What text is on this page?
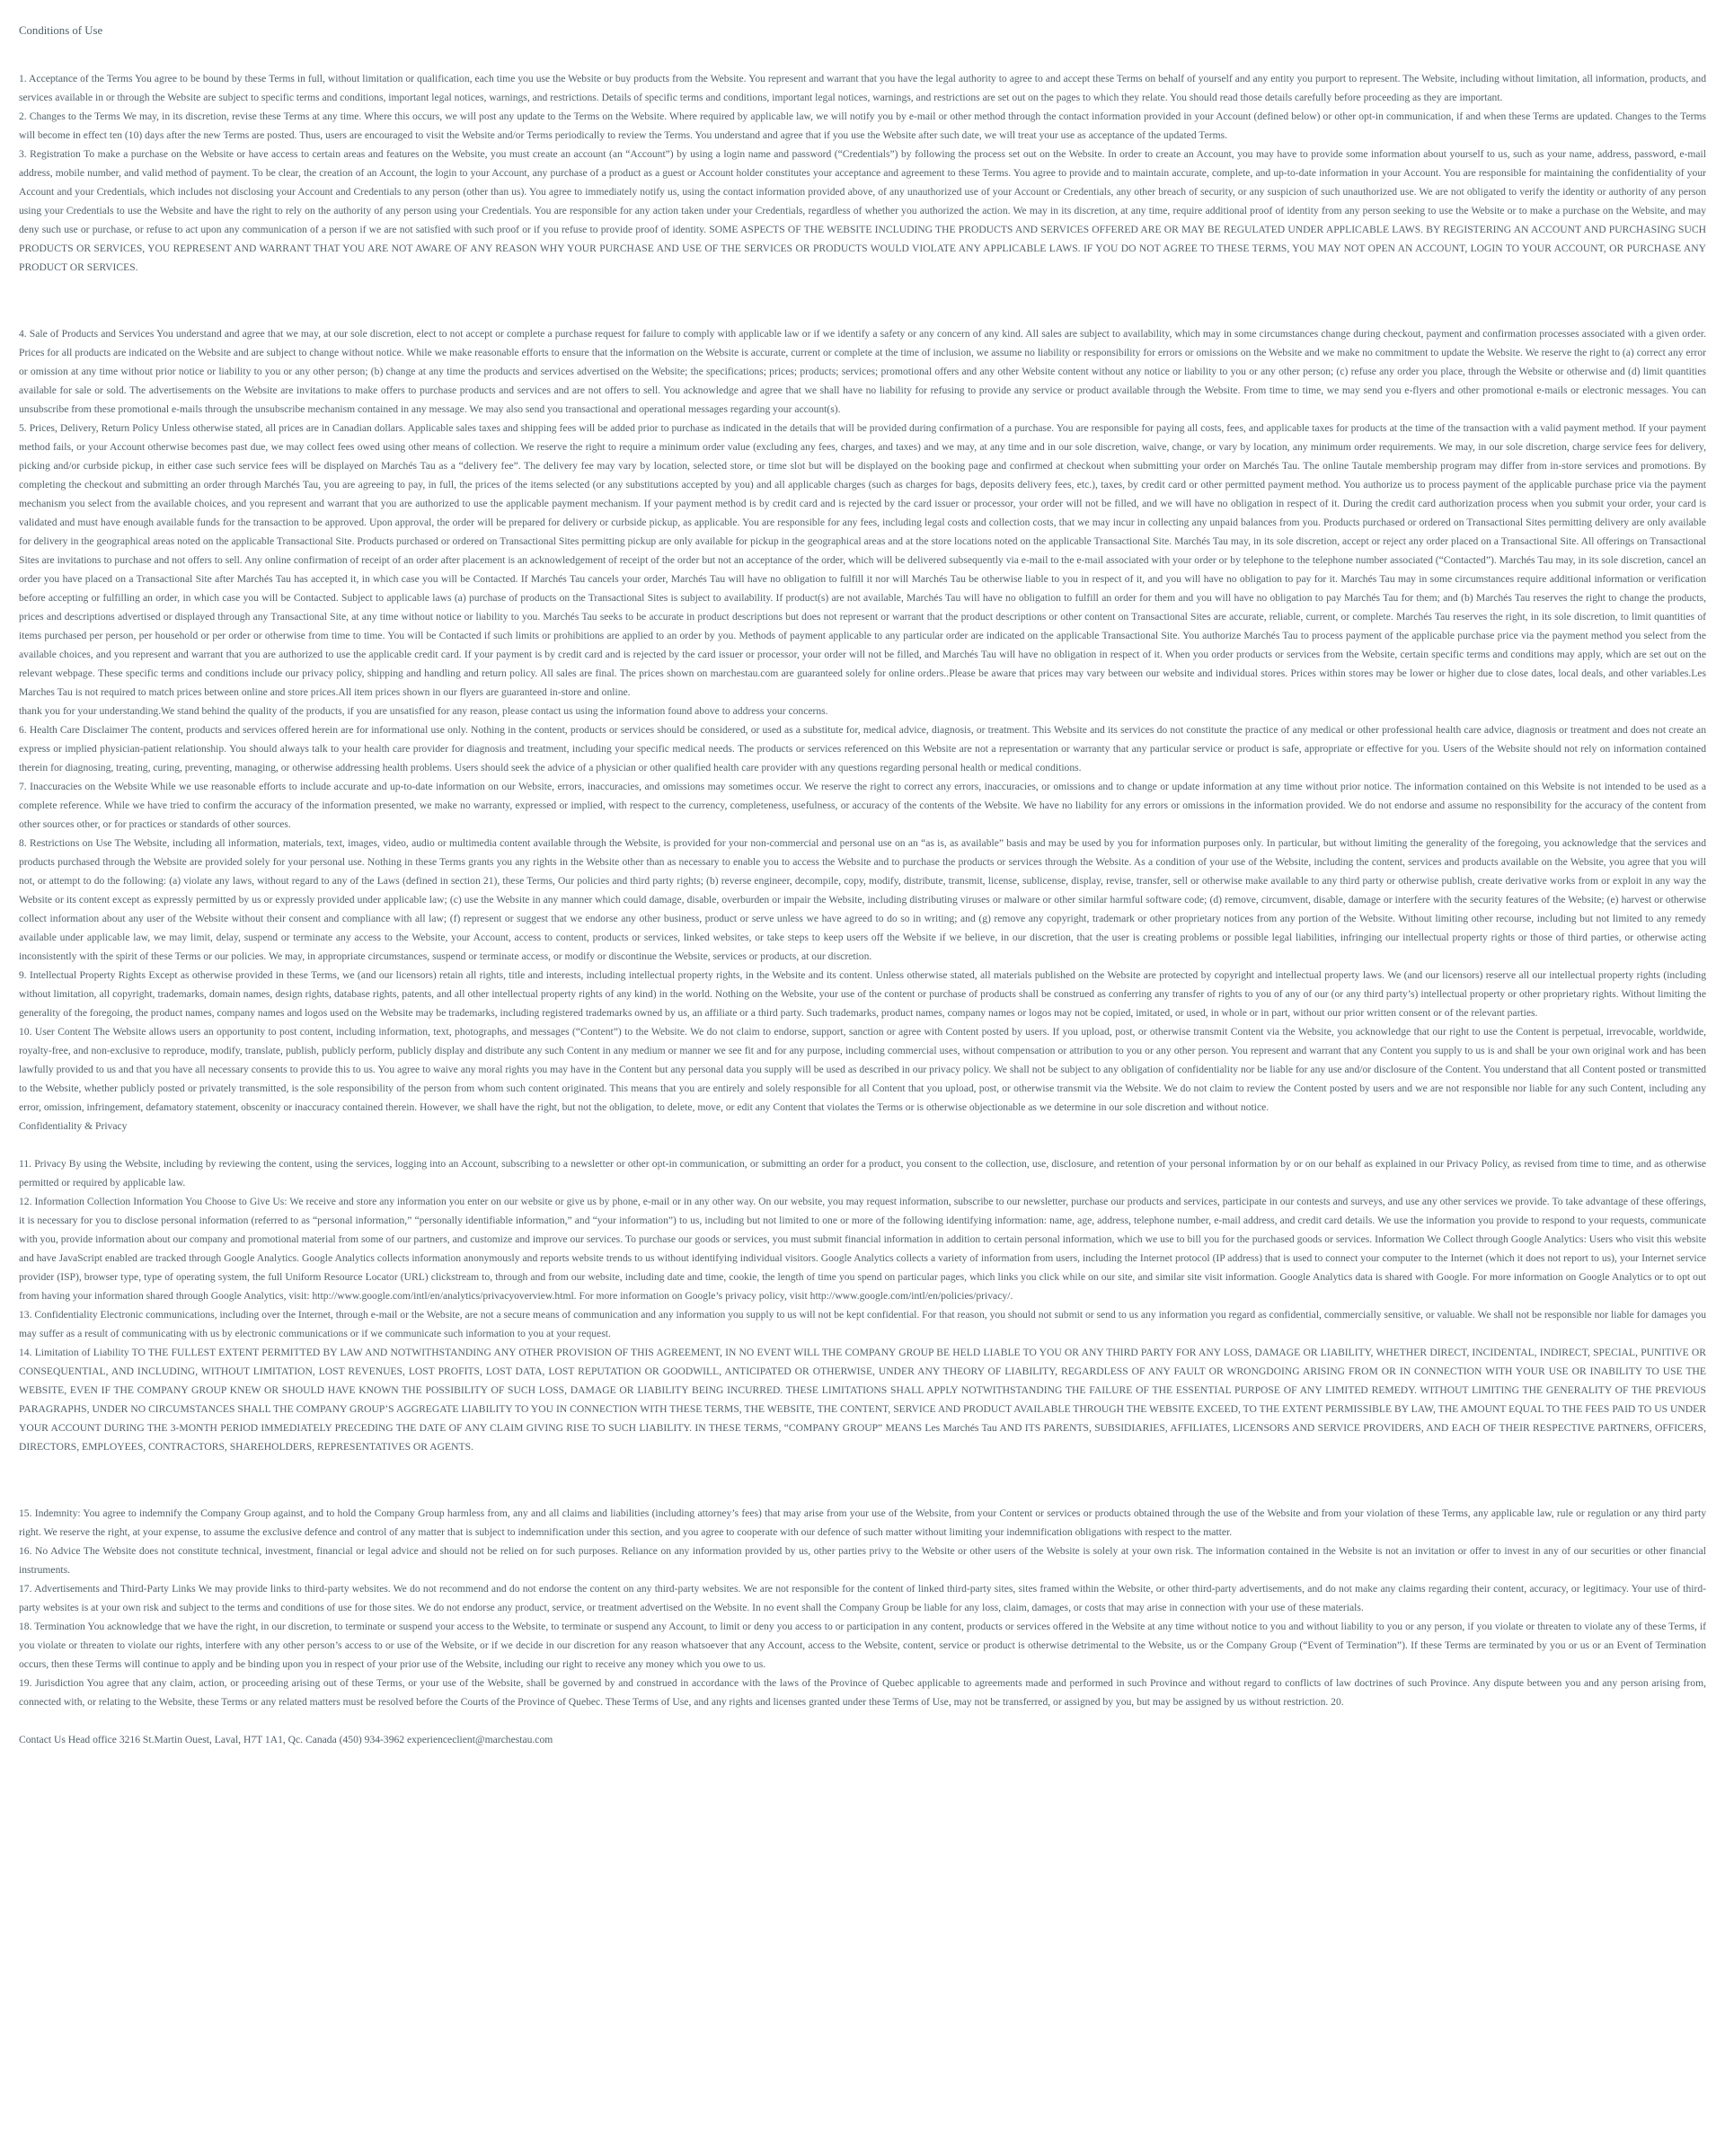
Conditions of Use

1. Acceptance of the Terms You agree to be bound by these Terms in full, without limitation or qualification, each time you use the Website or buy products from the Website. You represent and warrant that you have the legal authority to agree to and accept these Terms on behalf of yourself and any entity you purport to represent. The Website, including without limitation, all information, products, and services available in or through the Website are subject to specific terms and conditions, important legal notices, warnings, and restrictions. Details of specific terms and conditions, important legal notices, warnings, and restrictions are set out on the pages to which they relate. You should read those details carefully before proceeding as they are important.

2. Changes to the Terms We may, in its discretion, revise these Terms at any time. Where this occurs, we will post any update to the Terms on the Website. Where required by applicable law, we will notify you by e-mail or other method through the contact information provided in your Account (defined below) or other opt-in communication, if and when these Terms are updated. Changes to the Terms will become in effect ten (10) days after the new Terms are posted. Thus, users are encouraged to visit the Website and/or Terms periodically to review the Terms. You understand and agree that if you use the Website after such date, we will treat your use as acceptance of the updated Terms.

3. Registration To make a purchase on the Website or have access to certain areas and features on the Website, you must create an account (an “Account”) by using a login name and password (“Credentials”) by following the process set out on the Website. In order to create an Account, you may have to provide some information about yourself to us, such as your name, address, password, e-mail address, mobile number, and valid method of payment. To be clear, the creation of an Account, the login to your Account, any purchase of a product as a guest or Account holder constitutes your acceptance and agreement to these Terms. You agree to provide and to maintain accurate, complete, and up-to-date information in your Account. You are responsible for maintaining the confidentiality of your Account and your Credentials, which includes not disclosing your Account and Credentials to any person (other than us). You agree to immediately notify us, using the contact information provided above, of any unauthorized use of your Account or Credentials, any other breach of security, or any suspicion of such unauthorized use. We are not obligated to verify the identity or authority of any person using your Credentials to use the Website and have the right to rely on the authority of any person using your Credentials. You are responsible for any action taken under your Credentials, regardless of whether you authorized the action. We may in its discretion, at any time, require additional proof of identity from any person seeking to use the Website or to make a purchase on the Website, and may deny such use or purchase, or refuse to act upon any communication of a person if we are not satisfied with such proof or if you refuse to provide proof of identity. SOME ASPECTS OF THE WEBSITE INCLUDING THE PRODUCTS AND SERVICES OFFERED ARE OR MAY BE REGULATED UNDER APPLICABLE LAWS. BY REGISTERING AN ACCOUNT AND PURCHASING SUCH PRODUCTS OR SERVICES, YOU REPRESENT AND WARRANT THAT YOU ARE NOT AWARE OF ANY REASON WHY YOUR PURCHASE AND USE OF THE SERVICES OR PRODUCTS WOULD VIOLATE ANY APPLICABLE LAWS. IF YOU DO NOT AGREE TO THESE TERMS, YOU MAY NOT OPEN AN ACCOUNT, LOGIN TO YOUR ACCOUNT, OR PURCHASE ANY PRODUCT OR SERVICES.

4. Sale of Products and Services You understand and agree that we may, at our sole discretion, elect to not accept or complete a purchase request for failure to comply with applicable law or if we identify a safety or any concern of any kind. All sales are subject to availability, which may in some circumstances change during checkout, payment and confirmation processes associated with a given order. Prices for all products are indicated on the Website and are subject to change without notice. While we make reasonable efforts to ensure that the information on the Website is accurate, current or complete at the time of inclusion, we assume no liability or responsibility for errors or omissions on the Website and we make no commitment to update the Website. We reserve the right to (a) correct any error or omission at any time without prior notice or liability to you or any other person; (b) change at any time the products and services advertised on the Website; the specifications; prices; products; services; promotional offers and any other Website content without any notice or liability to you or any other person; (c) refuse any order you place, through the Website or otherwise and (d) limit quantities available for sale or sold. The advertisements on the Website are invitations to make offers to purchase products and services and are not offers to sell. You acknowledge and agree that we shall have no liability for refusing to provide any service or product available through the Website. From time to time, we may send you e-flyers and other promotional e-mails or electronic messages. You can unsubscribe from these promotional e-mails through the unsubscribe mechanism contained in any message. We may also send you transactional and operational messages regarding your account(s).

5. Prices, Delivery, Return Policy Unless otherwise stated, all prices are in Canadian dollars. Applicable sales taxes and shipping fees will be added prior to purchase as indicated in the details that will be provided during confirmation of a purchase. You are responsible for paying all costs, fees, and applicable taxes for products at the time of the transaction with a valid payment method. If your payment method fails, or your Account otherwise becomes past due, we may collect fees owed using other means of collection. We reserve the right to require a minimum order value (excluding any fees, charges, and taxes) and we may, at any time and in our sole discretion, waive, change, or vary by location, any minimum order requirements. We may, in our sole discretion, charge service fees for delivery, picking and/or curbside pickup, in either case such service fees will be displayed on Marchés Tau as a “delivery fee”. The delivery fee may vary by location, selected store, or time slot but will be displayed on the booking page and confirmed at checkout when submitting your order on Marchés Tau. The online Tautale membership program may differ from in-store services and promotions. By completing the checkout and submitting an order through Marchés Tau, you are agreeing to pay, in full, the prices of the items selected (or any substitutions accepted by you) and all applicable charges (such as charges for bags, deposits delivery fees, etc.), taxes, by credit card or other permitted payment method. You authorize us to process payment of the applicable purchase price via the payment mechanism you select from the available choices, and you represent and warrant that you are authorized to use the applicable payment mechanism. If your payment method is by credit card and is rejected by the card issuer or processor, your order will not be filled, and we will have no obligation in respect of it. During the credit card authorization process when you submit your order, your card is validated and must have enough available funds for the transaction to be approved. Upon approval, the order will be prepared for delivery or curbside pickup, as applicable. You are responsible for any fees, including legal costs and collection costs, that we may incur in collecting any unpaid balances from you. Products purchased or ordered on Transactional Sites permitting delivery are only available for delivery in the geographical areas noted on the applicable Transactional Site. Products purchased or ordered on Transactional Sites permitting pickup are only available for pickup in the geographical areas and at the store locations noted on the applicable Transactional Site. Marchés Tau may, in its sole discretion, accept or reject any order placed on a Transactional Site. All offerings on Transactional Sites are invitations to purchase and not offers to sell. Any online confirmation of receipt of an order after placement is an acknowledgement of receipt of the order but not an acceptance of the order, which will be delivered subsequently via e-mail to the e-mail associated with your order or by telephone to the telephone number associated (“Contacted”). Marchés Tau may, in its sole discretion, cancel an order you have placed on a Transactional Site after Marchés Tau has accepted it, in which case you will be Contacted. If Marchés Tau cancels your order, Marchés Tau will have no obligation to fulfill it nor will Marchés Tau be otherwise liable to you in respect of it, and you will have no obligation to pay for it. Marchés Tau may in some circumstances require additional information or verification before accepting or fulfilling an order, in which case you will be Contacted. Subject to applicable laws (a) purchase of products on the Transactional Sites is subject to availability. If product(s) are not available, Marchés Tau will have no obligation to fulfill an order for them and you will have no obligation to pay Marchés Tau for them; and (b) Marchés Tau reserves the right to change the products, prices and descriptions advertised or displayed through any Transactional Site, at any time without notice or liability to you. Marchés Tau seeks to be accurate in product descriptions but does not represent or warrant that the product descriptions or other content on Transactional Sites are accurate, reliable, current, or complete. Marchés Tau reserves the right, in its sole discretion, to limit quantities of items purchased per person, per household or per order or otherwise from time to time. You will be Contacted if such limits or prohibitions are applied to an order by you. Methods of payment applicable to any particular order are indicated on the applicable Transactional Site. You authorize Marchés Tau to process payment of the applicable purchase price via the payment method you select from the available choices, and you represent and warrant that you are authorized to use the applicable credit card. If your payment is by credit card and is rejected by the card issuer or processor, your order will not be filled, and Marchés Tau will have no obligation in respect of it. When you order products or services from the Website, certain specific terms and conditions may apply, which are set out on the relevant webpage. These specific terms and conditions include our privacy policy, shipping and handling and return policy. All sales are final. The prices shown on marchestau.com are guaranteed solely for online orders..Please be aware that prices may vary between our website and individual stores. Prices within stores may be lower or higher due to close dates, local deals, and other variables.Les Marches Tau is not required to match prices between online and store prices.All item prices shown in our flyers are guaranteed in-store and online.

thank you for your understanding.We stand behind the quality of the products, if you are unsatisfied for any reason, please contact us using the information found above to address your concerns.

6. Health Care Disclaimer The content, products and services offered herein are for informational use only. Nothing in the content, products or services should be considered, or used as a substitute for, medical advice, diagnosis, or treatment. This Website and its services do not constitute the practice of any medical or other professional health care advice, diagnosis or treatment and does not create an express or implied physician-patient relationship. You should always talk to your health care provider for diagnosis and treatment, including your specific medical needs. The products or services referenced on this Website are not a representation or warranty that any particular service or product is safe, appropriate or effective for you. Users of the Website should not rely on information contained therein for diagnosing, treating, curing, preventing, managing, or otherwise addressing health problems. Users should seek the advice of a physician or other qualified health care provider with any questions regarding personal health or medical conditions.

7. Inaccuracies on the Website While we use reasonable efforts to include accurate and up-to-date information on our Website, errors, inaccuracies, and omissions may sometimes occur. We reserve the right to correct any errors, inaccuracies, or omissions and to change or update information at any time without prior notice. The information contained on this Website is not intended to be used as a complete reference. While we have tried to confirm the accuracy of the information presented, we make no warranty, expressed or implied, with respect to the currency, completeness, usefulness, or accuracy of the contents of the Website. We have no liability for any errors or omissions in the information provided. We do not endorse and assume no responsibility for the accuracy of the content from other sources other, or for practices or standards of other sources.

8. Restrictions on Use The Website, including all information, materials, text, images, video, audio or multimedia content available through the Website, is provided for your non-commercial and personal use on an “as is, as available” basis and may be used by you for information purposes only. In particular, but without limiting the generality of the foregoing, you acknowledge that the services and products purchased through the Website are provided solely for your personal use. Nothing in these Terms grants you any rights in the Website other than as necessary to enable you to access the Website and to purchase the products or services through the Website. As a condition of your use of the Website, including the content, services and products available on the Website, you agree that you will not, or attempt to do the following: (a) violate any laws, without regard to any of the Laws (defined in section 21), these Terms, Our policies and third party rights; (b) reverse engineer, decompile, copy, modify, distribute, transmit, license, sublicense, display, revise, transfer, sell or otherwise make available to any third party or otherwise publish, create derivative works from or exploit in any way the Website or its content except as expressly permitted by us or expressly provided under applicable law; (c) use the Website in any manner which could damage, disable, overburden or impair the Website, including distributing viruses or malware or other similar harmful software code; (d) remove, circumvent, disable, damage or interfere with the security features of the Website; (e) harvest or otherwise collect information about any user of the Website without their consent and compliance with all law; (f) represent or suggest that we endorse any other business, product or serve unless we have agreed to do so in writing; and (g) remove any copyright, trademark or other proprietary notices from any portion of the Website. Without limiting other recourse, including but not limited to any remedy available under applicable law, we may limit, delay, suspend or terminate any access to the Website, your Account, access to content, products or services, linked websites, or take steps to keep users off the Website if we believe, in our discretion, that the user is creating problems or possible legal liabilities, infringing our intellectual property rights or those of third parties, or otherwise acting inconsistently with the spirit of these Terms or our policies. We may, in appropriate circumstances, suspend or terminate access, or modify or discontinue the Website, services or products, at our discretion.

9. Intellectual Property Rights Except as otherwise provided in these Terms, we (and our licensors) retain all rights, title and interests, including intellectual property rights, in the Website and its content. Unless otherwise stated, all materials published on the Website are protected by copyright and intellectual property laws. We (and our licensors) reserve all our intellectual property rights (including without limitation, all copyright, trademarks, domain names, design rights, database rights, patents, and all other intellectual property rights of any kind) in the world. Nothing on the Website, your use of the content or purchase of products shall be construed as conferring any transfer of rights to you of any of our (or any third party’s) intellectual property or other proprietary rights. Without limiting the generality of the foregoing, the product names, company names and logos used on the Website may be trademarks, including registered trademarks owned by us, an affiliate or a third party. Such trademarks, product names, company names or logos may not be copied, imitated, or used, in whole or in part, without our prior written consent or of the relevant parties.

10. User Content The Website allows users an opportunity to post content, including information, text, photographs, and messages (“Content”) to the Website. We do not claim to endorse, support, sanction or agree with Content posted by users. If you upload, post, or otherwise transmit Content via the Website, you acknowledge that our right to use the Content is perpetual, irrevocable, worldwide, royalty-free, and non-exclusive to reproduce, modify, translate, publish, publicly perform, publicly display and distribute any such Content in any medium or manner we see fit and for any purpose, including commercial uses, without compensation or attribution to you or any other person. You represent and warrant that any Content you supply to us is and shall be your own original work and has been lawfully provided to us and that you have all necessary consents to provide this to us. You agree to waive any moral rights you may have in the Content but any personal data you supply will be used as described in our privacy policy. We shall not be subject to any obligation of confidentiality nor be liable for any use and/or disclosure of the Content. You understand that all Content posted or transmitted to the Website, whether publicly posted or privately transmitted, is the sole responsibility of the person from whom such content originated. This means that you are entirely and solely responsible for all Content that you upload, post, or otherwise transmit via the Website. We do not claim to review the Content posted by users and we are not responsible nor liable for any such Content, including any error, omission, infringement, defamatory statement, obscenity or inaccuracy contained therein. However, we shall have the right, but not the obligation, to delete, move, or edit any Content that violates the Terms or is otherwise objectionable as we determine in our sole discretion and without notice.

Confidentiality & Privacy

11. Privacy By using the Website, including by reviewing the content, using the services, logging into an Account, subscribing to a newsletter or other opt-in communication, or submitting an order for a product, you consent to the collection, use, disclosure, and retention of your personal information by or on our behalf as explained in our Privacy Policy, as revised from time to time, and as otherwise permitted or required by applicable law.

12. Information Collection Information You Choose to Give Us: We receive and store any information you enter on our website or give us by phone, e-mail or in any other way. On our website, you may request information, subscribe to our newsletter, purchase our products and services, participate in our contests and surveys, and use any other services we provide. To take advantage of these offerings, it is necessary for you to disclose personal information (referred to as “personal information,” “personally identifiable information,” and “your information”) to us, including but not limited to one or more of the following identifying information: name, age, address, telephone number, e-mail address, and credit card details. We use the information you provide to respond to your requests, communicate with you, provide information about our company and promotional material from some of our partners, and customize and improve our services. To purchase our goods or services, you must submit financial information in addition to certain personal information, which we use to bill you for the purchased goods or services. Information We Collect through Google Analytics: Users who visit this website and have JavaScript enabled are tracked through Google Analytics. Google Analytics collects information anonymously and reports website trends to us without identifying individual visitors. Google Analytics collects a variety of information from users, including the Internet protocol (IP address) that is used to connect your computer to the Internet (which it does not report to us), your Internet service provider (ISP), browser type, type of operating system, the full Uniform Resource Locator (URL) clickstream to, through and from our website, including date and time, cookie, the length of time you spend on particular pages, which links you click while on our site, and similar site visit information. Google Analytics data is shared with Google. For more information on Google Analytics or to opt out from having your information shared through Google Analytics, visit: http://www.google.com/intl/en/analytics/privacyoverview.html. For more information on Google’s privacy policy, visit http://www.google.com/intl/en/policies/privacy/.

13. Confidentiality Electronic communications, including over the Internet, through e-mail or the Website, are not a secure means of communication and any information you supply to us will not be kept confidential. For that reason, you should not submit or send to us any information you regard as confidential, commercially sensitive, or valuable. We shall not be responsible nor liable for damages you may suffer as a result of communicating with us by electronic communications or if we communicate such information to you at your request.

14. Limitation of Liability TO THE FULLEST EXTENT PERMITTED BY LAW AND NOTWITHSTANDING ANY OTHER PROVISION OF THIS AGREEMENT, IN NO EVENT WILL THE COMPANY GROUP BE HELD LIABLE TO YOU OR ANY THIRD PARTY FOR ANY LOSS, DAMAGE OR LIABILITY, WHETHER DIRECT, INCIDENTAL, INDIRECT, SPECIAL, PUNITIVE OR CONSEQUENTIAL, AND INCLUDING, WITHOUT LIMITATION, LOST REVENUES, LOST PROFITS, LOST DATA, LOST REPUTATION OR GOODWILL, ANTICIPATED OR OTHERWISE, UNDER ANY THEORY OF LIABILITY, REGARDLESS OF ANY FAULT OR WRONGDOING ARISING FROM OR IN CONNECTION WITH YOUR USE OR INABILITY TO USE THE WEBSITE, EVEN IF THE COMPANY GROUP KNEW OR SHOULD HAVE KNOWN THE POSSIBILITY OF SUCH LOSS, DAMAGE OR LIABILITY BEING INCURRED. THESE LIMITATIONS SHALL APPLY NOTWITHSTANDING THE FAILURE OF THE ESSENTIAL PURPOSE OF ANY LIMITED REMEDY. WITHOUT LIMITING THE GENERALITY OF THE PREVIOUS PARAGRAPHS, UNDER NO CIRCUMSTANCES SHALL THE COMPANY GROUP’S AGGREGATE LIABILITY TO YOU IN CONNECTION WITH THESE TERMS, THE WEBSITE, THE CONTENT, SERVICE AND PRODUCT AVAILABLE THROUGH THE WEBSITE EXCEED, TO THE EXTENT PERMISSIBLE BY LAW, THE AMOUNT EQUAL TO THE FEES PAID TO US UNDER YOUR ACCOUNT DURING THE 3-MONTH PERIOD IMMEDIATELY PRECEDING THE DATE OF ANY CLAIM GIVING RISE TO SUCH LIABILITY. IN THESE TERMS, “COMPANY GROUP” MEANS Les Marchés Tau AND ITS PARENTS, SUBSIDIARIES, AFFILIATES, LICENSORS AND SERVICE PROVIDERS, AND EACH OF THEIR RESPECTIVE PARTNERS, OFFICERS, DIRECTORS, EMPLOYEES, CONTRACTORS, SHAREHOLDERS, REPRESENTATIVES OR AGENTS.

15. Indemnity: You agree to indemnify the Company Group against, and to hold the Company Group harmless from, any and all claims and liabilities (including attorney’s fees) that may arise from your use of the Website, from your Content or services or products obtained through the use of the Website and from your violation of these Terms, any applicable law, rule or regulation or any third party right. We reserve the right, at your expense, to assume the exclusive defence and control of any matter that is subject to indemnification under this section, and you agree to cooperate with our defence of such matter without limiting your indemnification obligations with respect to the matter.

16. No Advice The Website does not constitute technical, investment, financial or legal advice and should not be relied on for such purposes. Reliance on any information provided by us, other parties privy to the Website or other users of the Website is solely at your own risk. The information contained in the Website is not an invitation or offer to invest in any of our securities or other financial instruments.

17. Advertisements and Third-Party Links We may provide links to third-party websites. We do not recommend and do not endorse the content on any third-party websites. We are not responsible for the content of linked third-party sites, sites framed within the Website, or other third-party advertisements, and do not make any claims regarding their content, accuracy, or legitimacy. Your use of third-party websites is at your own risk and subject to the terms and conditions of use for those sites. We do not endorse any product, service, or treatment advertised on the Website. In no event shall the Company Group be liable for any loss, claim, damages, or costs that may arise in connection with your use of these materials.

18. Termination You acknowledge that we have the right, in our discretion, to terminate or suspend your access to the Website, to terminate or suspend any Account, to limit or deny you access to or participation in any content, products or services offered in the Website at any time without notice to you and without liability to you or any person, if you violate or threaten to violate any of these Terms, if you violate or threaten to violate our rights, interfere with any other person’s access to or use of the Website, or if we decide in our discretion for any reason whatsoever that any Account, access to the Website, content, service or product is otherwise detrimental to the Website, us or the Company Group (“Event of Termination”). If these Terms are terminated by you or us or an Event of Termination occurs, then these Terms will continue to apply and be binding upon you in respect of your prior use of the Website, including our right to receive any money which you owe to us.

19. Jurisdiction You agree that any claim, action, or proceeding arising out of these Terms, or your use of the Website, shall be governed by and construed in accordance with the laws of the Province of Quebec applicable to agreements made and performed in such Province and without regard to conflicts of law doctrines of such Province. Any dispute between you and any person arising from, connected with, or relating to the Website, these Terms or any related matters must be resolved before the Courts of the Province of Quebec. These Terms of Use, and any rights and licenses granted under these Terms of Use, may not be transferred, or assigned by you, but may be assigned by us without restriction. 20.

Contact Us Head office 3216 St.Martin Ouest, Laval, H7T 1A1, Qc. Canada (450) 934-3962 experienceclient@marchestau.com
